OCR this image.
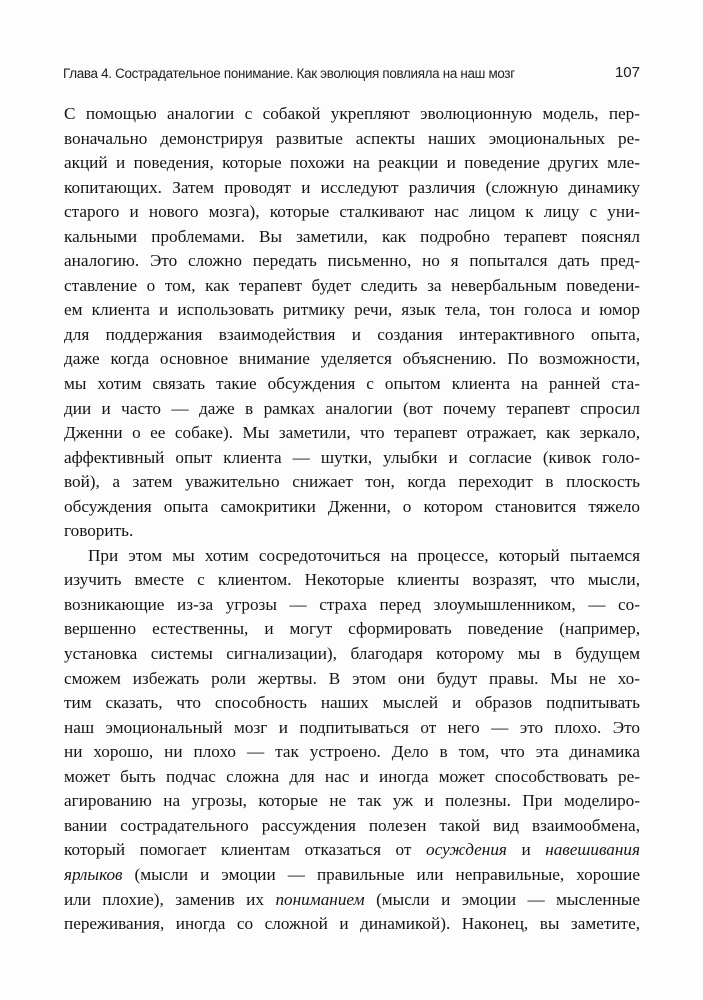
Глава 4. Сострадательное понимание. Как эволюция повлияла на наш мозг	107
С помощью аналогии с собакой укрепляют эволюционную модель, пер-
воначально демонстрируя развитые аспекты наших эмоциональных ре-
акций и поведения, которые похожи на реакции и поведение других мле-
копитающих. Затем проводят и исследуют различия (сложную динамику
старого и нового мозга), которые сталкивают нас лицом к лицу с уни-
кальными проблемами. Вы заметили, как подробно терапевт пояснял
аналогию. Это сложно передать письменно, но я попытался дать пред-
ставление о том, как терапевт будет следить за невербальным поведени-
ем клиента и использовать ритмику речи, язык тела, тон голоса и юмор
для поддержания взаимодействия и создания интерактивного опыта,
даже когда основное внимание уделяется объяснению. По возможности,
мы хотим связать такие обсуждения с опытом клиента на ранней ста-
дии и часто — даже в рамках аналогии (вот почему терапевт спросил
Дженни о ее собаке). Мы заметили, что терапевт отражает, как зеркало,
аффективный опыт клиента — шутки, улыбки и согласие (кивок голо-
вой), а затем уважительно снижает тон, когда переходит в плоскость
обсуждения опыта самокритики Дженни, о котором становится тяжело
говорить.
При этом мы хотим сосредоточиться на процессе, который пытаемся
изучить вместе с клиентом. Некоторые клиенты возразят, что мысли,
возникающие из-за угрозы — страха перед злоумышленником, — со-
вершенно естественны, и могут сформировать поведение (например,
установка системы сигнализации), благодаря которому мы в будущем
сможем избежать роли жертвы. В этом они будут правы. Мы не хо-
тим сказать, что способность наших мыслей и образов подпитывать
наш эмоциональный мозг и подпитываться от него — это плохо. Это
ни хорошо, ни плохо — так устроено. Дело в том, что эта динамика
может быть подчас сложна для нас и иногда может способствовать ре-
агированию на угрозы, которые не так уж и полезны. При моделиро-
вании сострадательного рассуждения полезен такой вид взаимообмена,
который помогает клиентам отказаться от осуждения и навешивания
ярлыков (мысли и эмоции — правильные или неправильные, хорошие
или плохие), заменив их пониманием (мысли и эмоции — мысленные
переживания, иногда со сложной и динамикой). Наконец, вы заметите,
